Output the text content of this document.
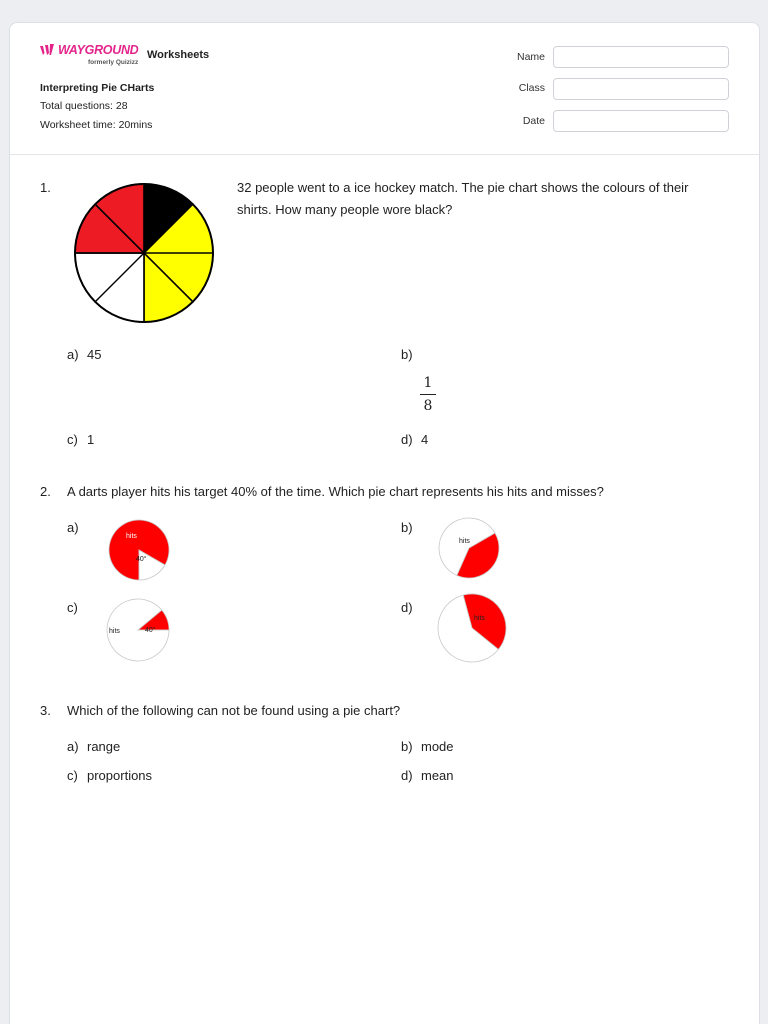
WAYGROUND
formerly Quizizz
Worksheets
Interpreting Pie CHarts
Total questions: 28
Worksheet time: 20mins
Name
Class
Date
1.	32 people went to a ice hockey match. The pie chart shows the colours of their
shirts. How many people wore black?
a) 45	b)
1
8
c) 1	d) 4
2. A darts player hits his target 40% of the time. Which pie chart represents his hits and misses?
a)
hits
40°
b)
hits
c)
hits	40°
d)
hits
3. Which of the following can not be found using a pie chart?
a) range	b) mode
c) proportions	d) mean
